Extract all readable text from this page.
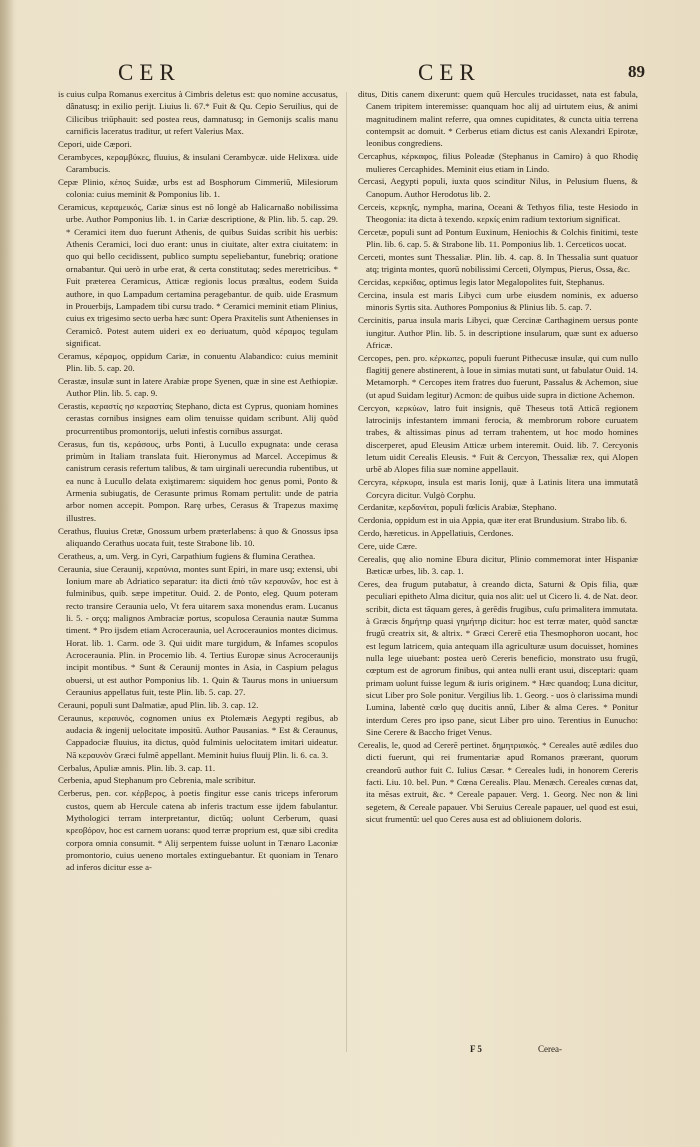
CER	CER	89

is cuius culpa Romanus exercitus à Cimbris deletus est: quo nomine accusatus, dânatusq; in exilio perijt. Liuius li. 67.* Fuit & Qu. Cepio Seruilius, qui de Cilicibus triūphauit: sed postea reus, damnatusq; in Gemonijs scalis manu carnificis laceratus traditur, ut refert Valerius Max.

Cepori, uide Cæpori.

Cerambyces, κεραμβύκες, fluuius, & insulani Cerambycæ. uide Helixœa. uide Carambucis.

Cepæ Plinio, κέπος Suidæ, urbs est ad Bosphorum Cimmeriū, Milesiorum colonia: cuius meminit & Pomponius lib. 1.

Ceramicus, κεραμεικός, Cariæ sinus est nō longè ab Halicarnaßo nobilissima urbe. Author Pomponius lib. 1. in Cariæ descriptione, & Plin. lib. 5. cap. 29. * Ceramici item duo fuerunt Athenis, de quibus Suidas scribit his uerbis: Athenis Ceramici, loci duo erant: unus in ciuitate, alter extra ciuitatem: in quo qui bello cecidissent, publico sumptu sepeliebantur, funebriq; oratione ornabantur. Qui uerò in urbe erat, & certa constitutaq; sedes meretricibus. * Fuit præterea Ceramicus, Atticæ regionis locus præaltus, eodem Suida authore, in quo Lampadum certamina peragebantur. de quib. uide Erasmum in Prouerbijs, Lampadem tibi cursu trado. * Ceramici meminit etiam Plinius, cuius ex trigesimo secto uerba hæc sunt: Opera Praxitelis sunt Athenienses in Ceramicô. Potest autem uideri ex eo deriuatum, quòd κέραμος tegulam significat.

Ceramus, κέραμος, oppidum Cariæ, in conuentu Alabandico: cuius meminit Plin. lib. 5. cap. 20.

Cerastæ, insulæ sunt in latere Arabiæ prope Syenen, quæ in sine est Aethiopiæ. Author Plin. lib. 5. cap. 9.

Cerastis, κεραστίς ησ κεραστίας Stephano, dicta est Cyprus, quoniam homines cerastas cornibus insignes eam olim tenuisse quidam scribunt. Alij quòd procurrentibus promontorijs, ueluti infestis cornibus assurgat.

Cerasus, fun tis, κεράσους, urbs Ponti, à Lucullo expugnata: unde cerasa primùm in Italiam translata fuit. Hieronymus ad Marcel. Accepimus & canistrum cerasis refertum talibus, & tam uirginali uerecundia rubentibus, ut ea nunc à Lucullo delata exiştimarem: siquidem hoc genus pomi, Ponto & Armenia subiugatis, de Cerasunte primus Romam pertulit: unde de patria arbor nomen accepit. Pompon. Rarę urbes, Cerasus & Trapezus maximę illustres.

Cerathus, fluuius Cretæ, Gnossum urbem præterlabens: à quo & Gnossus ipsa aliquando Cerathus uocata fuit, teste Strabone lib. 10.

Ceratheus, a, um. Verg. in Cyri, Carpathium fugiens & flumina Cerathea.

Ceraunia, siue Ceraunij, κεραύνια, montes sunt Epiri, in mare usq; extensi, ubi Ionium mare ab Adriatico separatur: ita dicti ἀπὸ τῶν κεραυνῶν, hoc est à fulminibus, quib. sæpe impetitur. Ouid. 2. de Ponto, eleg. Quum poteram recto transire Ceraunia uelo, Vt fera uitarem saxa monendus eram. Lucanus li. 5. - orçq; malignos Ambraciæ portus, scopulosa Ceraunia nautæ Summa timent. * Pro ijsdem etiam Acroceraunia, uel Acroceraunios montes dicimus. Horat. lib. 1. Carm. ode 3. Qui uidit mare turgidum, & Infames scopulos Acroceraunia. Plin. in Procemio lib. 4. Tertius Europæ sinus Acroceraunijs incipit montibus. * Sunt & Ceraunij montes in Asia, in Caspium pelagus obuersi, ut est author Pomponius lib. 1. Quin & Taurus mons in uniuersum Ceraunius appellatus fuit, teste Plin. lib. 5. cap. 27.

Cerauni, populi sunt Dalmatiæ, apud Plin. lib. 3. cap. 12.

Ceraunus, κεραυνός, cognomen unius ex Ptolemæis Aegypti regibus, ab audacia & ingenij uelocitate impositū. Author Pausanias. * Est & Ceraunus, Cappadociæ fluuius, ita dictus, quòd fulminis uelocitatem imitari uideatur. Nā κεραυνὸν Græci fulmē appellant. Meminit huius fluuij Plin. li. 6. ca. 3.

Cerbalus, Apuliæ amnis. Plin. lib. 3. cap. 11.

Cerbenia, apud Stephanum pro Cebrenia, male scribitur.

Cerberus, pen. cor. κέρβερος, à poetis fingitur esse canis triceps inferorum custos, quem ab Hercule catena ab inferis tractum esse ijdem fabulantur. Mythologici terram interpretantur, dictūq; uolunt Cerberum, quasi κρεοβόρον, hoc est carnem uorans: quod terræ proprium est, quæ sibi credita corpora omnia consumit. * Alij serpentem fuisse uolunt in Tænaro Laconiæ promontorio, cuius ueneno mortales extinguebantur. Et quoniam in Tenaro ad inferos dicitur esse a-

ditus, Ditis canem dixerunt: quem quū Hercules trucidasset, nata est fabula, Canem tripitem interemisse: quanquam hoc alij ad uirtutem eius, & animi magnitudinem malint referre, qua omnes cupiditates, & cuncta uitia terrena contempsit ac domuit. * Cerberus etiam dictus est canis Alexandri Epirotæ, leonibus congrediens.

Cercaphus, κέρκαφος, filius Poleadæ (Stephanus in Camiro) à quo Rhodię mulieres Cercaphides. Meminit eius etiam in Lindo.

Cercasi, Aegypti populi, iuxta quos scinditur Nilus, in Pelusium fluens, & Canopum. Author Herodotus lib. 2.

Cerceis, κερκηΐς, nympha, marina, Oceani & Tethyos filia, teste Hesiodo in Theogonia: ita dicta à texendo. κερκίς enim radium textorium significat.

Cercetæ, populi sunt ad Pontum Euxinum, Heniochis & Colchis finitimi, teste Plin. lib. 6. cap. 5. & Strabone lib. 11. Pomponius lib. 1. Cerceticos uocat.

Cerceti, montes sunt Thessaliæ. Plin. lib. 4. cap. 8. In Thessalia sunt quatuor atq; triginta montes, quorū nobilissimi Cerceti, Olympus, Pierus, Ossa, &c.

Cercidas, κερκίδας, optimus legis lator Megalopolites fuit, Stephanus.

Cercina, insula est maris Libyci cum urbe eiusdem nominis, ex aduerso minoris Syrtis sita. Authores Pomponius & Plinius lib. 5. cap. 7.

Cercinitis, parua insula maris Libyci, quæ Cercinæ Carthaginem uersus ponte iungitur. Author Plin. lib. 5. in descriptione insularum, quæ sunt ex aduerso Africæ.

Cercopes, pen. pro. κέρκωπες, populi fuerunt Pithecusæ insulæ, qui cum nullo flagitij genere abstinerent, à Ioue in simias mutati sunt, ut fabulatur Ouid. 14. Metamorph. * Cercopes item fratres duo fuerunt, Passalus & Achemon, siue (ut apud Suidam legitur) Acmon: de quibus uide supra in dictione Achemon.

Cercyon, κερκύων, latro fuit insignis, quē Theseus totā Atticā regionem latrocinijs infestantem immani ferocia, & membrorum robore curuatem trabes, & altissimas pinus ad terram trahentem, ut hoc modo homines discerperet, apud Eleusim Atticæ urbem interemit. Ouid. lib. 7. Cercyonis letum uidit Cerealis Eleusis. * Fuit & Cercyon, Thessaliæ rex, qui Alopen urbē ab Alopes filia suæ nomine appellauit.

Cercyra, κέρκυρα, insula est maris Ionij, quæ à Latinis litera una immutatâ Corcyra dicitur. Vulgò Corphu.

Cerdanitæ, κερδανίται, populi fœlicis Arabiæ, Stephano.

Cerdonia, oppidum est in uia Appia, quæ iter erat Brundusium. Strabo lib. 6.

Cerdo, hæreticus. in Appellatiuis, Cerdones.

Cere, uide Cære.

Cerealis, quę alio nomine Ebura dicitur, Plinio commemorat inter Hispaniæ Bæticæ urbes, lib. 3. cap. 1.

Ceres, dea frugum putabatur, à creando dicta, Saturni & Opis filia, quæ peculiari epitheto Alma dicitur, quia nos alit: uel ut Cicero li. 4. de Nat. deor. scribit, dicta est tāquam geres, à gerēdis frugibus, cuſu primalitera immutata. à Græcis δημήτηρ quasi γημήτηρ dicitur: hoc est terræ mater, quòd sanctæ frugū creatrix sit, & altrix. * Græci Cererē etia Thesmophoron uocant, hoc est legum latricem, quia antequam illa agriculturæ usum docuisset, homines nulla lege uiuebant: postea uerò Cereris beneficio, monstrato usu frugū, cœptum est de agrorum finibus, qui antea nulli erant usui, disceptari: quam primam uolunt fuisse legum & iuris originem. * Hæc quandoq; Luna dicitur, sicut Liber pro Sole ponitur. Vergilius lib. 1. Georg. - uos ò clarissima mundi Lumina, labentè cœlo quę ducitis annū, Liber & alma Ceres. * Ponitur interdum Ceres pro ipso pane, sicut Liber pro uino. Terentius in Eunucho: Sine Cerere & Baccho friget Venus.

Cerealis, le, quod ad Cererē pertinet. δημητριακός. * Cereales autē ædiles duo dicti fuerunt, qui rei frumentariæ apud Romanos præerant, quorum creandorū author fuit C. Iulius Cæsar. * Cereales ludi, in honorem Cereris facti. Liu. 10. bel. Pun. * Cœna Cerealis. Plau. Menæch. Cereales cœnas dat, ita mēsas extruit, &c. * Cereale papauer. Verg. 1. Georg. Nec non & lini segetem, & Cereale papauer. Vbi Seruius Cereale papauer, uel quod est esui, sicut frumentū: uel quo Ceres ausa est ad obliuionem doloris.

F 5	Cerea-
